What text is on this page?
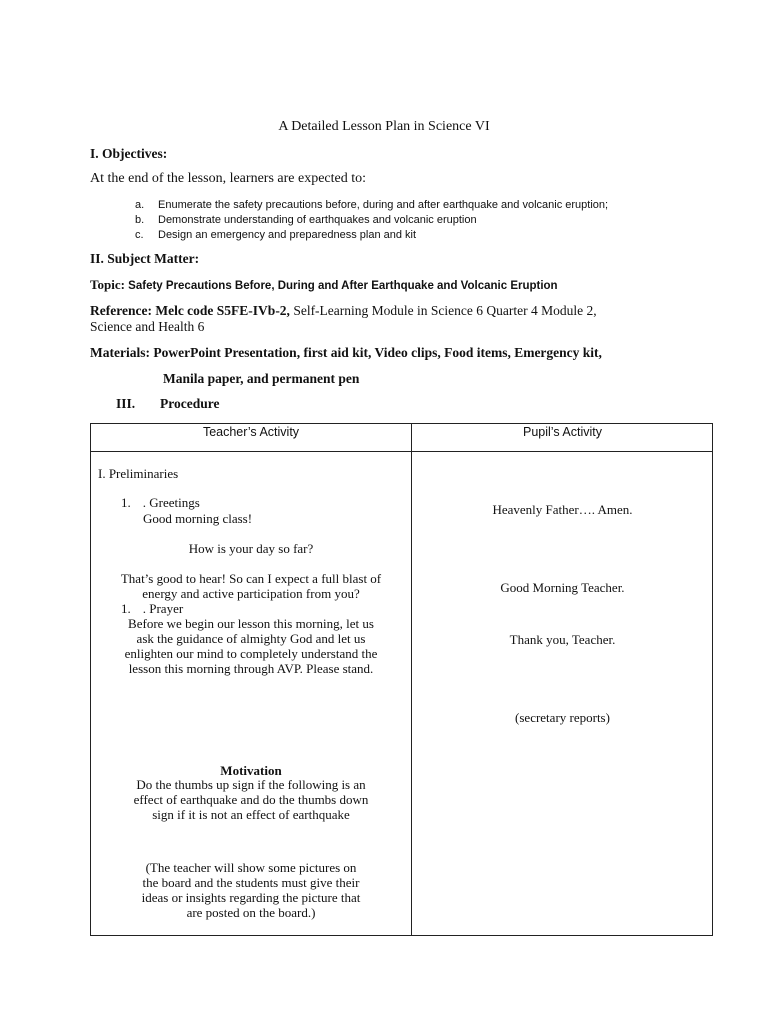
A Detailed Lesson Plan in Science VI
I. Objectives:
At the end of the lesson, learners are expected to:
a. Enumerate the safety precautions before, during and after earthquake and volcanic eruption;
b. Demonstrate understanding of earthquakes and volcanic eruption
c. Design an emergency and preparedness plan and kit
II. Subject Matter:
Topic: Safety Precautions Before, During and After Earthquake and Volcanic Eruption
Reference: Melc code S5FE-IVb-2, Self-Learning Module in Science 6 Quarter 4 Module 2,
Science and Health 6
Materials: PowerPoint Presentation, first aid kit, Video clips, Food items, Emergency kit,
Manila paper, and permanent pen
III. Procedure
Teacher’s Activity	Pupil’s Activity
I. Preliminaries
1. . Greetings
Good morning class!
How is your day so far?
That’s good to hear! So can I expect a full blast of
energy and active participation from you?
1. . Prayer
Before we begin our lesson this morning, let us
ask the guidance of almighty God and let us
enlighten our mind to completely understand the
lesson this morning through AVP. Please stand.
Motivation
Do the thumbs up sign if the following is an
effect of earthquake and do the thumbs down
sign if it is not an effect of earthquake
(The teacher will show some pictures on
the board and the students must give their
ideas or insights regarding the picture that
are posted on the board.)
Heavenly Father…. Amen.
Good Morning Teacher.
Thank you, Teacher.
(secretary reports)
